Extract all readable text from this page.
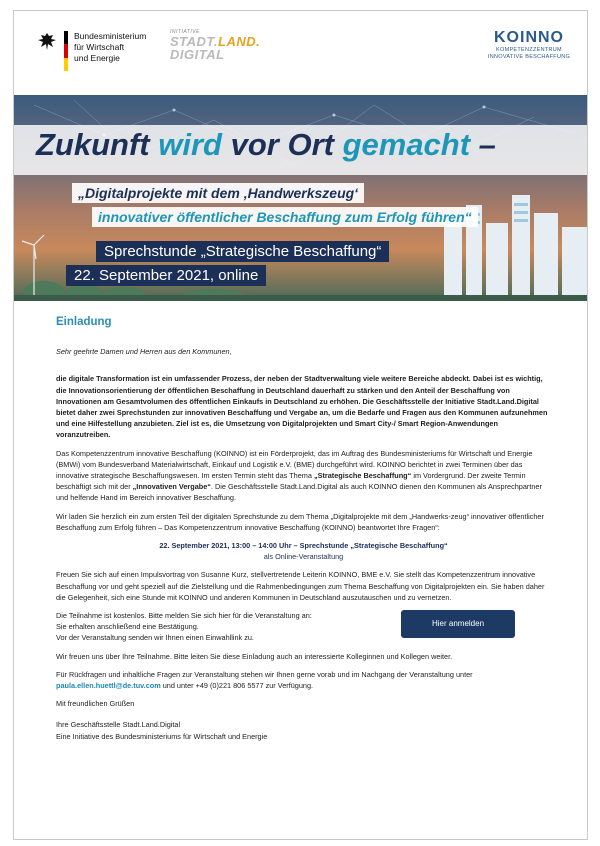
Bundesministerium
für Wirtschaft
und Energie
INITIATIVE
STADT.LAND.
DIGITAL
KOINNO
KOMPETENZZENTRUM
INNOVATIVE BESCHAFFUNG
Zukunft wird vor Ort gemacht –
„Digitalprojekte mit dem ‚Handwerkszeug‘
innovativer öffentlicher Beschaffung zum Erfolg führen“
Sprechstunde „Strategische Beschaffung“
22. September 2021, online
Einladung

Sehr geehrte Damen und Herren aus den Kommunen,

die digitale Transformation ist ein umfassender Prozess, der neben der Stadtverwaltung viele weitere Bereiche abdeckt. Dabei ist es wichtig, die Innovationsorientierung der öffentlichen Beschaffung in Deutschland dauerhaft zu stärken und den Anteil der Beschaffung von Innovationen am Gesamtvolumen des öffentlichen Einkaufs in Deutschland zu erhöhen. Die Geschäftsstelle der Initiative Stadt.Land.Digital bietet daher zwei Sprechstunden zur innovativen Beschaffung und Vergabe an, um die Bedarfe und Fragen aus den Kommunen aufzunehmen und eine Hilfestellung anzubieten. Ziel ist es, die Umsetzung von Digitalprojekten und Smart City-/ Smart Region-Anwendungen voranzutreiben.

Das Kompetenzzentrum innovative Beschaffung (KOINNO) ist ein Förderprojekt, das im Auftrag des Bundesministeriums für Wirtschaft und Energie (BMWi) vom Bundesverband Materialwirtschaft, Einkauf und Logistik e.V. (BME) durchgeführt wird. KOINNO berichtet in zwei Terminen über das innovative strategische Beschaffungswesen. Im ersten Termin steht das Thema „Strategische Beschaffung“ im Vordergrund. Der zweite Termin beschäftigt sich mit der „Innovativen Vergabe“. Die Geschäftsstelle Stadt.Land.Digital als auch KOINNO dienen den Kommunen als Ansprechpartner und helfende Hand im Bereich innovativer Beschaffung.

Wir laden Sie herzlich ein zum ersten Teil der digitalen Sprechstunde zu dem Thema „Digitalprojekte mit dem „Handwerks-zeug“ innovativer öffentlicher Beschaffung zum Erfolg führen – Das Kompetenzzentrum innovative Beschaffung (KOINNO) beantwortet Ihre Fragen“:

22. September 2021, 13:00 – 14:00 Uhr – Sprechstunde „Strategische Beschaffung“
als Online-Veranstaltung

Freuen Sie sich auf einen Impulsvortrag von Susanne Kurz, stellvertretende Leiterin KOINNO, BME e.V. Sie stellt das Kompetenzzentrum innovative Beschaffung vor und geht speziell auf die Zielstellung und die Rahmenbedingungen zum Thema Beschaffung von Digitalprojekten ein. Sie haben daher die Gelegenheit, sich eine Stunde mit KOINNO und anderen Kommunen in Deutschland auszutauschen und zu vernetzen.

Die Teilnahme ist kostenlos. Bitte melden Sie sich hier für die Veranstaltung an:
Sie erhalten anschließend eine Bestätigung.
Vor der Veranstaltung senden wir Ihnen einen Einwahllink zu.
Hier anmelden

Wir freuen uns über Ihre Teilnahme. Bitte leiten Sie diese Einladung auch an interessierte Kolleginnen und Kollegen weiter.

Für Rückfragen und inhaltliche Fragen zur Veranstaltung stehen wir Ihnen gerne vorab und im Nachgang der Veranstaltung unter paula.ellen.huettl@de.tuv.com und unter +49 (0)221 806 5577 zur Verfügung.

Mit freundlichen Grüßen

Ihre Geschäftsstelle Stadt.Land.Digital
Eine Initiative des Bundesministeriums für Wirtschaft und Energie
